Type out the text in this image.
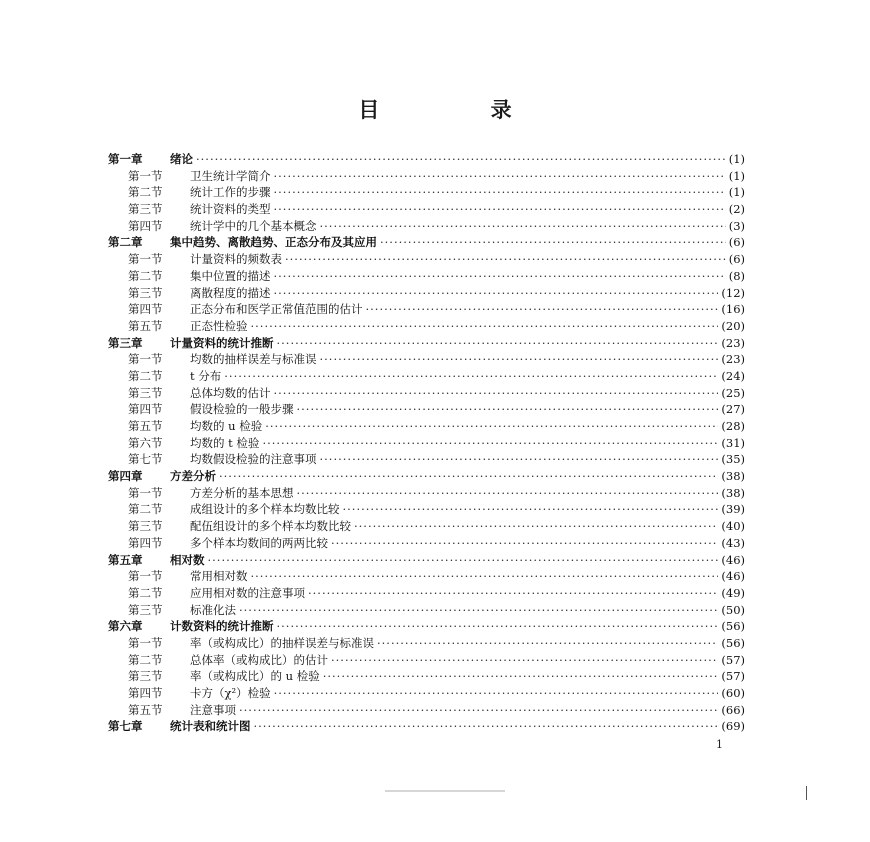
目 录
第一章	绪论 ·····	(1)
第一节	卫生统计学简介 ·····	(1)
第二节	统计工作的步骤 ·····	(1)
第三节	统计资料的类型 ·····	(2)
第四节	统计学中的几个基本概念 ·····	(3)
第二章	集中趋势、离散趋势、正态分布及其应用 ·····	(6)
第一节	计量资料的频数表 ·····	(6)
第二节	集中位置的描述 ·····	(8)
第三节	离散程度的描述 ·····	(12)
第四节	正态分布和医学正常值范围的估计 ·····	(16)
第五节	正态性检验 ·····	(20)
第三章	计量资料的统计推断 ·····	(23)
第一节	均数的抽样误差与标准误 ·····	(23)
第二节	t 分布 ·····	(24)
第三节	总体均数的估计 ·····	(25)
第四节	假设检验的一般步骤 ·····	(27)
第五节	均数的 u 检验 ·····	(28)
第六节	均数的 t 检验 ·····	(31)
第七节	均数假设检验的注意事项 ·····	(35)
第四章	方差分析 ·····	(38)
第一节	方差分析的基本思想 ·····	(38)
第二节	成组设计的多个样本均数比较 ·····	(39)
第三节	配伍组设计的多个样本均数比较 ·····	(40)
第四节	多个样本均数间的两两比较 ·····	(43)
第五章	相对数 ·····	(46)
第一节	常用相对数 ·····	(46)
第二节	应用相对数的注意事项 ·····	(49)
第三节	标准化法 ·····	(50)
第六章	计数资料的统计推断 ·····	(56)
第一节	率（或构成比）的抽样误差与标准误 ·····	(56)
第二节	总体率（或构成比）的估计 ·····	(57)
第三节	率（或构成比）的 u 检验 ·····	(57)
第四节	卡方（χ²）检验 ·····	(60)
第五节	注意事项 ·····	(66)
第七章	统计表和统计图 ·····	(69)
1
